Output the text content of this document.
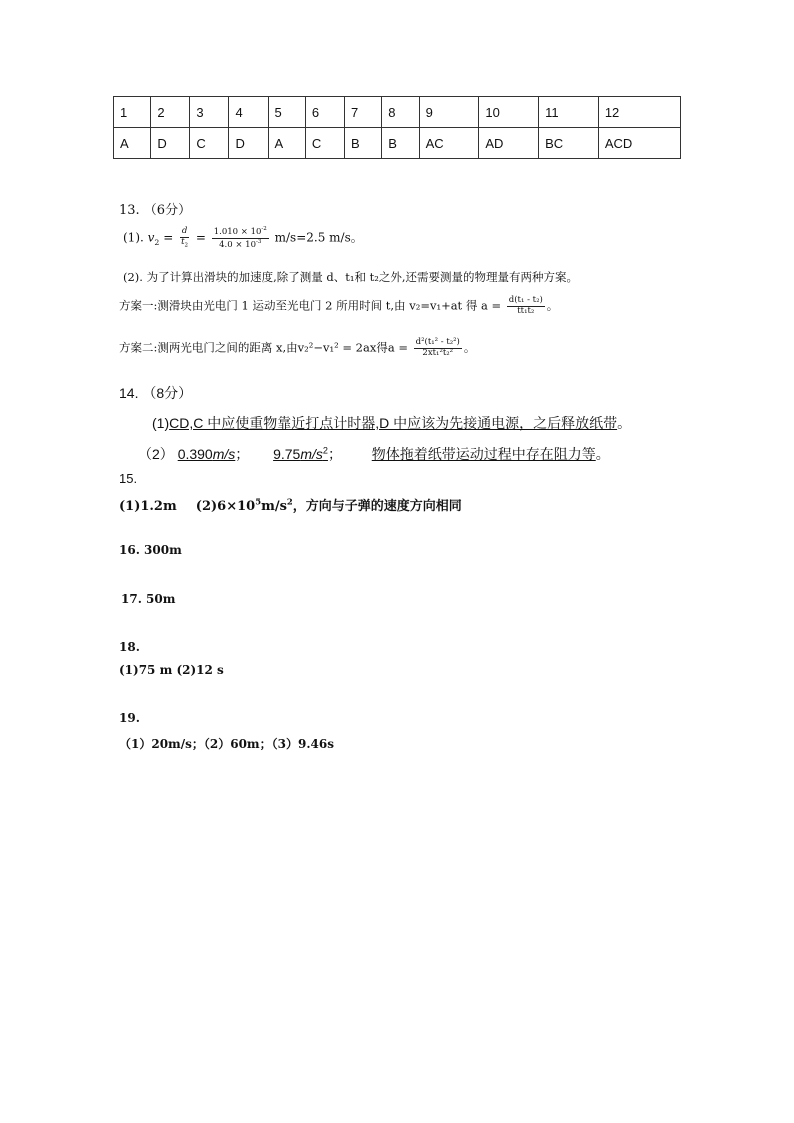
1	2	3	4	5	6	7	8	9	10	11	12
A	D	C	D	A	C	B	B	AC	AD	BC	ACD
13. （6分）
(1). $v_2 = \frac{d}{t_2} = \frac{1.010 \times 10^{-2}}{4.0 \times 10^{-3}} m/s=2.5$ m/s。
(2). 为了计算出滑块的加速度,除了测量 d、t₁和 t₂之外,还需要测量的物理量有两种方案。
方案一:测滑块由光电门 1 运动至光电门 2 所用时间 t,由 v₂=v₁+at 得 $a = \frac{\text{d(t₁ - t₂)}}{\text{tt₁t₂}}$ 。
方案二:测两光电门之间的距离 x,由v₂²−v₁² = 2ax得$a = \frac{\text{d²(t₁² - t₂²)}}{\text{2xt₁²t₂²}}$ 。
14. （8分）
(1)CD,C 中应使重物靠近打点计时器,D 中应该为先接通电源，之后释放纸带。
（2） 0.390m/s； $9.75m/s^2$； 物体拖着纸带运动过程中存在阻力等。
15.
(1)1.2m $(2)6\times 10^5m/s^2$，方向与子弹的速度方向相同
16. 300m
17. 50m
18.
(1)75 m (2)12 s
19.
（1）20m/s；（2）60m；（3）9.46s
